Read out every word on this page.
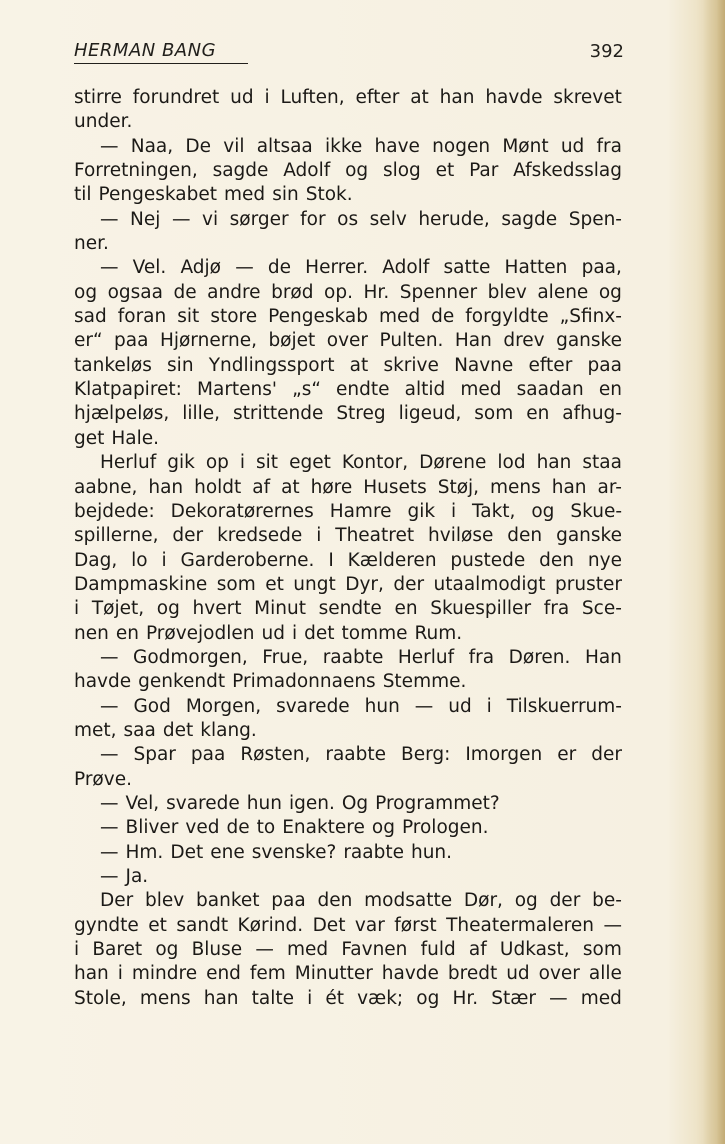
HERMAN BANG	392
stirre forundret ud i Luften, efter at han havde skrevet
under.
— Naa, De vil altsaa ikke have nogen Mønt ud fra
Forretningen, sagde Adolf og slog et Par Afskedsslag
til Pengeskabet med sin Stok.
— Nej — vi sørger for os selv herude, sagde Spen-
ner.
— Vel. Adjø — de Herrer. Adolf satte Hatten paa,
og ogsaa de andre brød op. Hr. Spenner blev alene og
sad foran sit store Pengeskab med de forgyldte „Sfinx-
er“ paa Hjørnerne, bøjet over Pulten. Han drev ganske
tankeløs sin Yndlingssport at skrive Navne efter paa
Klatpapiret: Martens' „s“ endte altid med saadan en
hjælpeløs, lille, strittende Streg ligeud, som en afhug-
get Hale.
Herluf gik op i sit eget Kontor, Dørene lod han staa
aabne, han holdt af at høre Husets Støj, mens han ar-
bejdede: Dekoratørernes Hamre gik i Takt, og Skue-
spillerne, der kredsede i Theatret hviløse den ganske
Dag, lo i Garderoberne. I Kælderen pustede den nye
Dampmaskine som et ungt Dyr, der utaalmodigt pruster
i Tøjet, og hvert Minut sendte en Skuespiller fra Sce-
nen en Prøvejodlen ud i det tomme Rum.
— Godmorgen, Frue, raabte Herluf fra Døren. Han
havde genkendt Primadonnaens Stemme.
— God Morgen, svarede hun — ud i Tilskuerrum-
met, saa det klang.
— Spar paa Røsten, raabte Berg: Imorgen er der
Prøve.
— Vel, svarede hun igen. Og Programmet?
— Bliver ved de to Enaktere og Prologen.
— Hm. Det ene svenske? raabte hun.
— Ja.
Der blev banket paa den modsatte Dør, og der be-
gyndte et sandt Kørind. Det var først Theatermaleren —
i Baret og Bluse — med Favnen fuld af Udkast, som
han i mindre end fem Minutter havde bredt ud over alle
Stole, mens han talte i ét væk; og Hr. Stær — med
